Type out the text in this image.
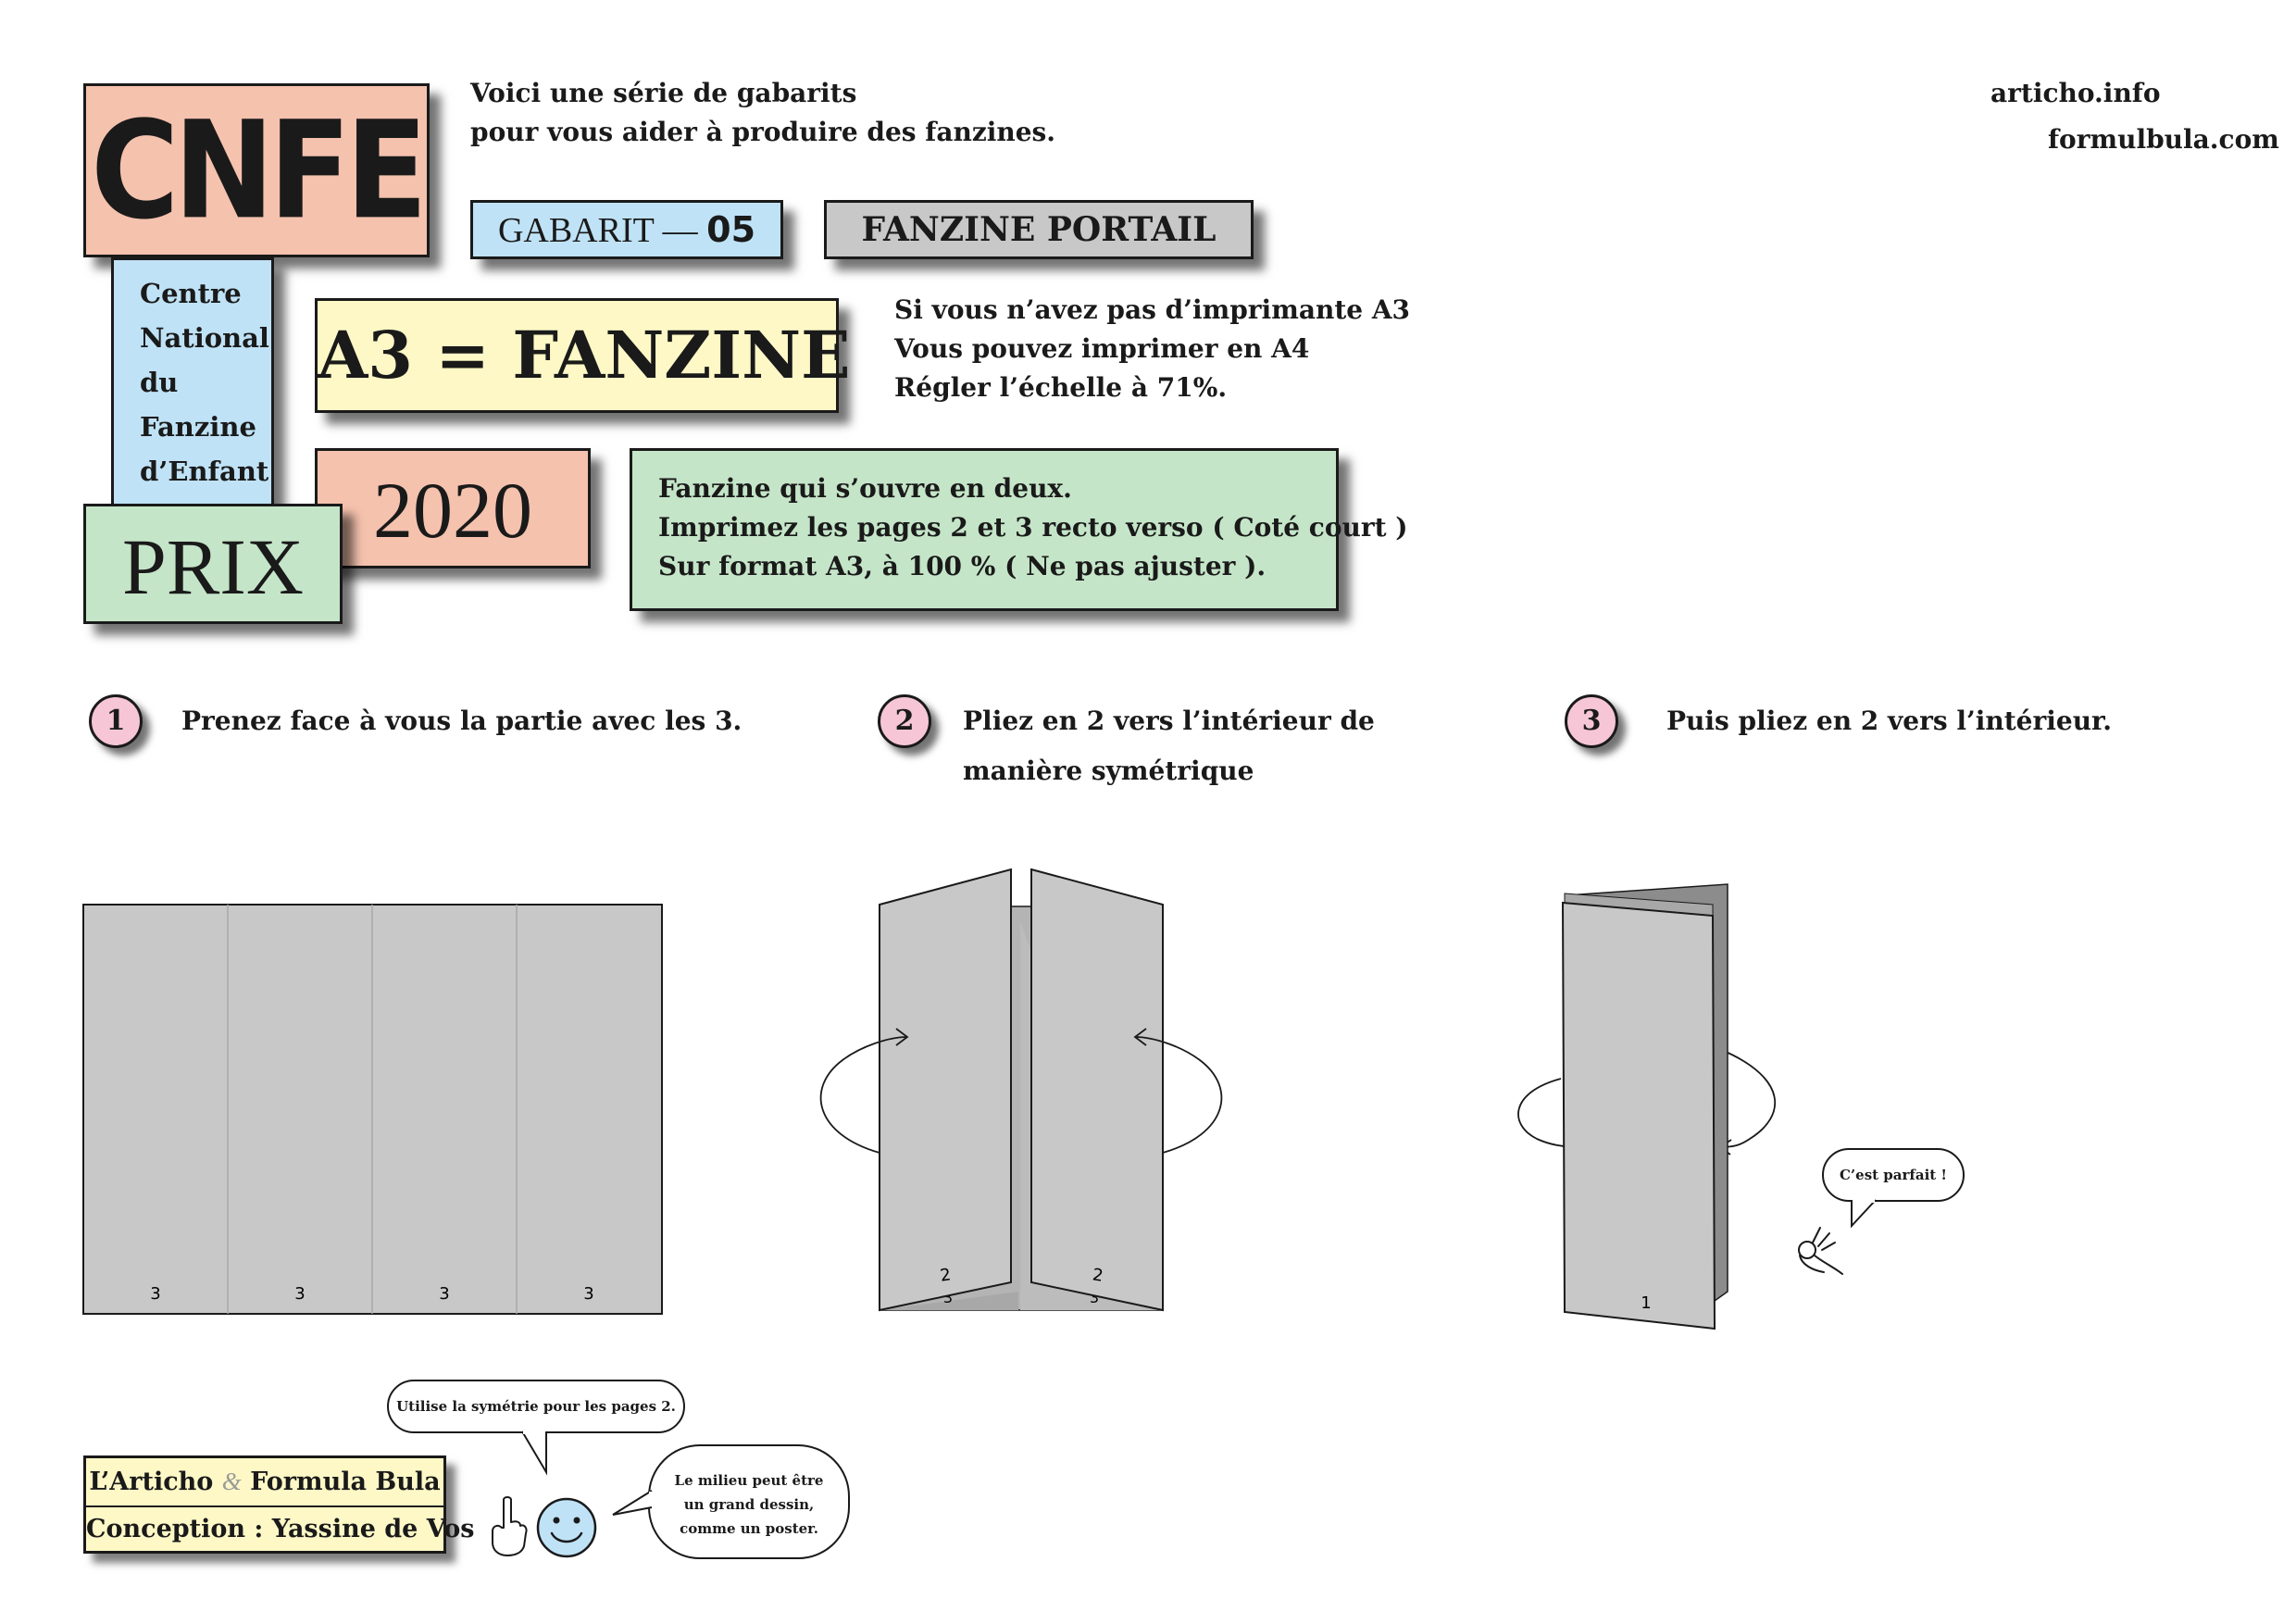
CNFE
Centre
National
du
Fanzine
d’Enfant	2020
PRIX
Voici une série de gabarits
pour vous aider à produire des fanzines.
articho.info
formulbula.com
GABARIT — 05	FANZINE PORTAIL
A3 = FANZINE
Si vous n’avez pas d’imprimante A3
Vous pouvez imprimer en A4
Régler l’échelle à 71%.
Fanzine qui s’ouvre en deux.
Imprimez les pages 2 et 3 recto verso ( Coté court )
Sur format A3, à 100 % ( Ne pas ajuster ).
1	Prenez face à vous la partie avec les 3.	2	Pliez en 2 vers l’intérieur de manière symétrique
3	Puis pliez en 2 vers l’intérieur.
3	3	3	3	3	3
2	2
1
C’est parfait !
L’Articho & Formula Bula
Conception : Yassine de Vos
Utilise la symétrie pour les pages 2.
Le milieu peut être un grand dessin, comme un poster.
